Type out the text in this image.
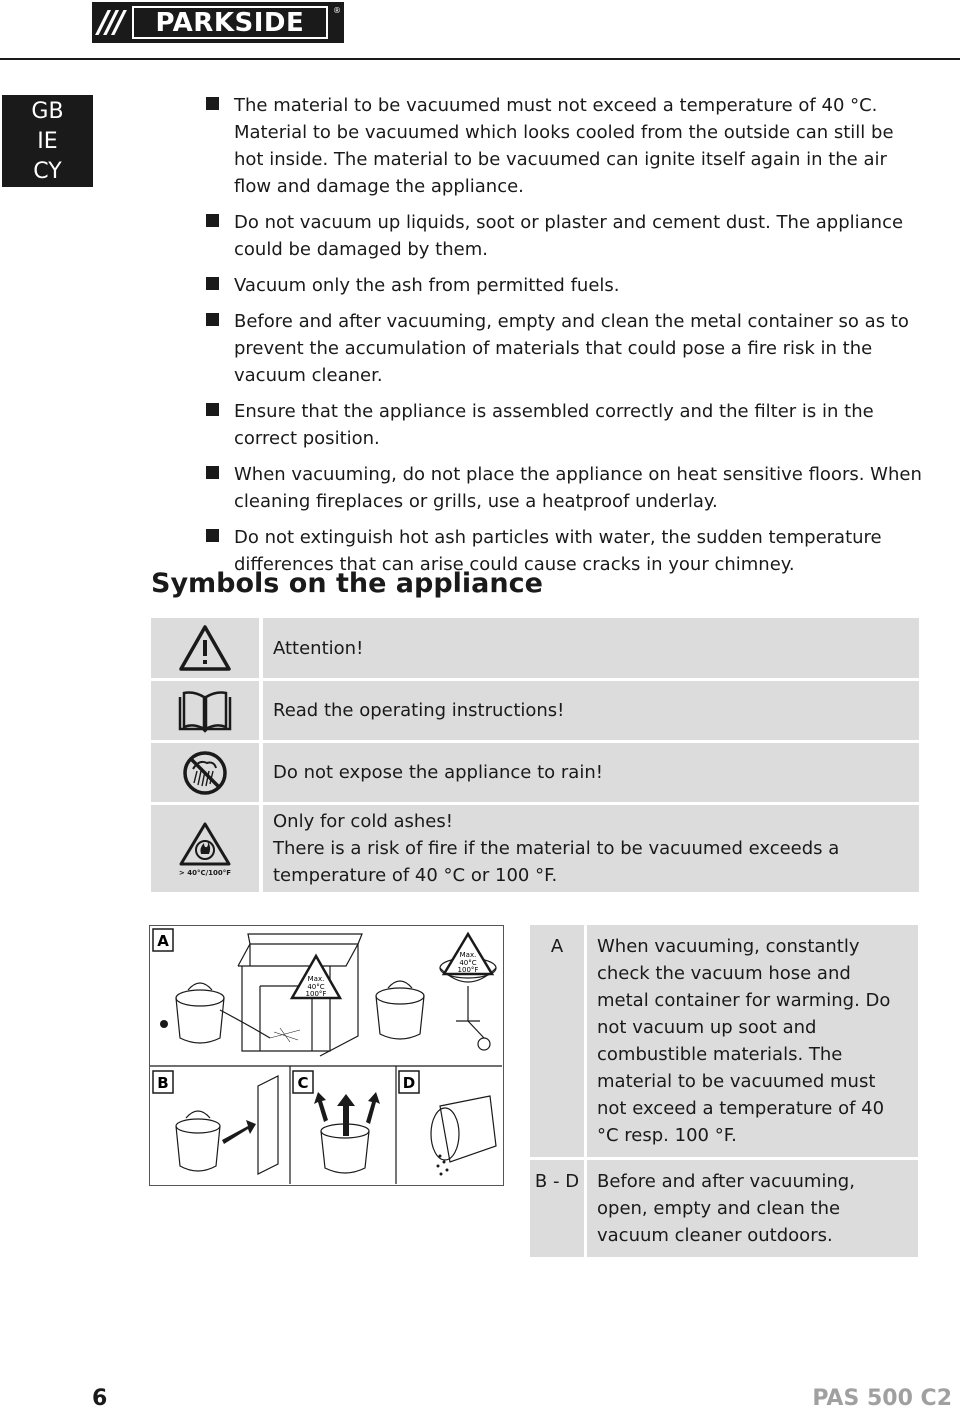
/// PARKSIDE	®
GB
IE
CY
The material to be vacuumed must not exceed a temperature of 40 °C. Material to be vacuumed which looks cooled from the outside can still be hot inside. The material to be vacuumed can ignite itself again in the air flow and damage the appliance.
Do not vacuum up liquids, soot or plaster and cement dust. The appliance could be damaged by them.
Vacuum only the ash from permitted fuels.
Before and after vacuuming, empty and clean the metal container so as to prevent the accumulation of materials that could pose a fire risk in the vacuum cleaner.
Ensure that the appliance is assembled correctly and the filter is in the correct position.
When vacuuming, do not place the appliance on heat sensitive floors. When cleaning fireplaces or grills, use a heatproof underlay.
Do not extinguish hot ash particles with water, the sudden temperature differences that can arise could cause cracks in your chimney.
Symbols on the appliance
Attention!
Read the operating instructions!
Do not expose the appliance to rain!
> 40°C/100°F
Only for cold ashes!
There is a risk of fire if the material to be vacuumed exceeds a temperature of 40 °C or 100 °F.
A
Max.
40°C
100°F
Max.
40°C
100°F
B	C	D
A	When vacuuming, constantly check the vacuum hose and metal container for warming. Do not vacuum up soot and combustible materials. The material to be vacuumed must not exceed a temperature of 40 °C resp. 100 °F.
B - D Before and after vacuuming, open, empty and clean the vacuum cleaner outdoors.
6	PAS 500 C2
